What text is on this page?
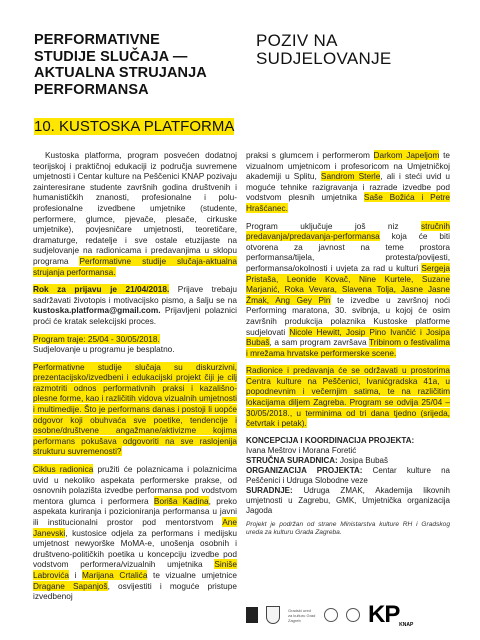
PERFORMATIVNE
STUDIJE SLUČAJA —
AKTUALNA STRUJANJA
PERFORMANSA
10. KUSTOSKA PLATFORMA
POZIV NA
SUDJELOVANJE

Kustoska platforma, program posvećen dodatnoj teorijskoj i praktičnoj edukaciji iz područja suvremene umjetnosti i Centar kulture na Peščenici KNAP pozivaju zainteresirane studente završnih godina društvenih i humanističkih znanosti, profesionalne i polu-profesionalne izvedbene umjetnike (studente, performere, glumce, pjevače, plesače, cirkuske umjetnike), povjesničare umjetnosti, teoretičare, dramaturge, redatelje i sve ostale etuzijaste na sudjelovanje na radionicama i predavanjima u sklopu programa Performativne studije slučaja-aktualna strujanja performansa.

Rok za prijavu je 21/04/2018. Prijave trebaju sadržavati životopis i motivacijsko pismo, a šalju se na kustoska.platforma@gmail.com. Prijavljeni polaznici proći će kratak selekcijski proces.

Program traje: 25/04 - 30/05/2018.
Sudjelovanje u programu je besplatno.

Performativne studije slučaja su diskurzivni, prezentacijsko/izvedbeni i edukacijski projekt čiji je cilj razmotriti odnos performativnih praksi i kazališno-plesne forme, kao i različitih vidova vizualnih umjetnosti i multimedije. Što je performans danas i postoji li uopće odgovor koji obuhvaća sve poetike, tendencije i osobne/društvene angažmane/aktivizme kojima performans pokušava odgovoriti na sve raslojenija strukturu suvremenosti?

Ciklus radionica pružiti će polaznicama i polaznicima uvid u nekoliko aspekata performerske prakse, od osnovnih polazišta izvedbe performansa pod vodstvom mentora glumca i performera Boriša Kadina, preko aspekata kuriranja i pozicioniranja performansa u javni ili institucionalni prostor pod mentorstvom Ane Janevski, kustosice odjela za performans i medijsku umjetnost newyorške MoMA-e, unošenja osobnih i društveno-političkih poetika u koncepciju izvedbe pod vodstvom performera/vizualnih umjetnika Siniše Labrovića i Marijana Crtalića te vizualne umjetnice Dragane Sapanjoš, osvijestiti i moguće pristupe izvedbenoj

praksi s glumcem i performerom Darkom Japeljom te vizualnom umjetnicom i profesoricom na Umjetničkoj akademiji u Splitu, Sandrom Sterle, ali i steći uvid u moguće tehnike razigravanja i razrade izvedbe pod vodstvom plesnih umjetnika Saše Božića i Petre Hrašćanec.

Program uključuje još niz stručnih predavanja/predavanja-performansa koja će biti otvorena za javnost na teme prostora performansa/tijela, protesta/povijesti, performansa/okolnosti i uvjeta za rad u kulturi Sergeja Pristaša, Leonide Kovač, Nine Kurtele, Suzane Marjanić, Roka Vevara, Slavena Tolja, Jasne Jasne Žmak, Ang Gey Pin te izvedbe u završnoj noći Performing maratona, 30. svibnja, u kojoj će osim završnih produkcija polaznika Kustoske platforme sudjelovati Nicole Hewitt, Josip Pino Ivančić i Josipa Bubaš, a sam program završava Tribinom o festivalima i mrežama hrvatske performerske scene.

Radionice i predavanja će se održavati u prostorima Centra kulture na Peščenici, Ivanićgradska 41a, u popodnevnim i večernjim satima, te na različitim lokacijama diljem Zagreba. Program se odvija 25/04 –30/05/2018., u terminima od tri dana tjedno (srijeda, četvrtak i petak).

KONCEPCIJA I KOORDINACIJA PROJEKTA:
Ivana Meštrov i Morana Foretić
STRUČNA SURADNICA: Josipa Bubaš
ORGANIZACIJA PROJEKTA: Centar kulture na Peščenici i Udruga Slobodne veze
SURADNJE: Udruga ZMAK, Akademija likovnih umjetnosti u Zagrebu, GMK, Umjetnička organizacija Jagoda
Projekt je podržan od strane Ministarstva kulture RH i Gradskog ureda za kulturu Grada Zagreba.
Gradski ured za kulturu Grad Zagreb	KP KNAP
